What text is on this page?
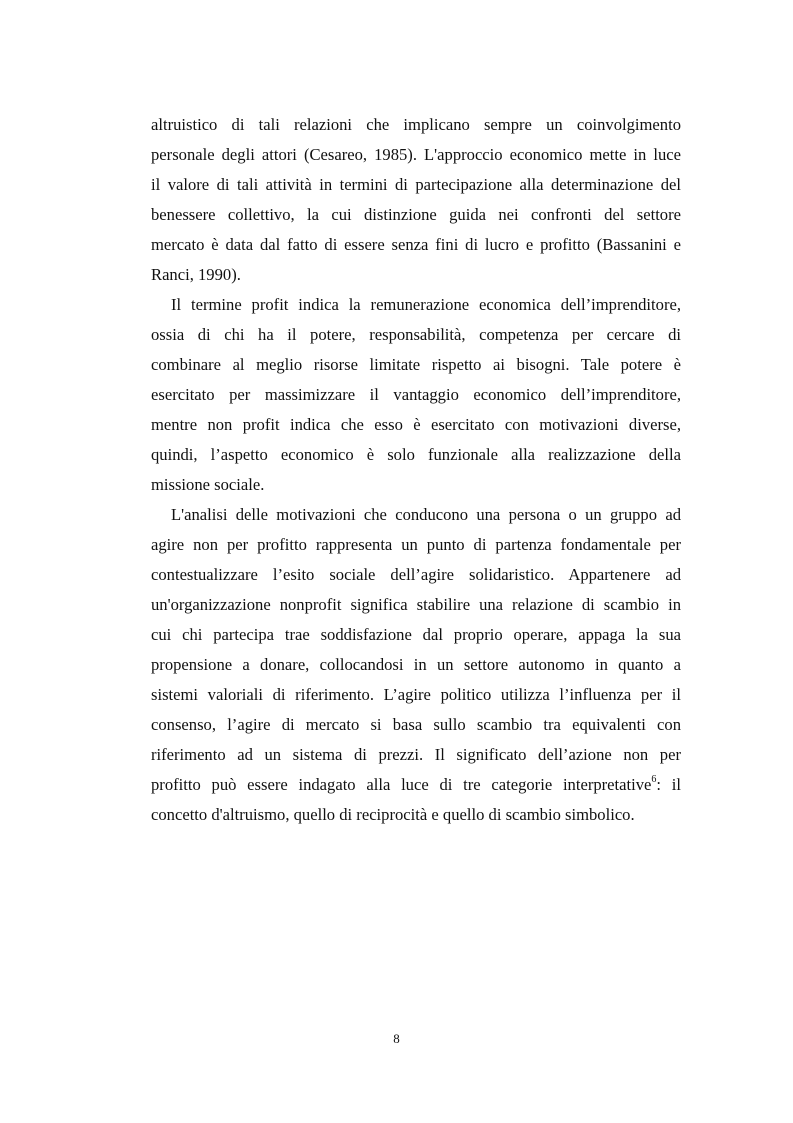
altruistico di tali relazioni che implicano sempre un coinvolgimento
personale degli attori (Cesareo, 1985). L'approccio economico mette in luce
il valore di tali attività in termini di partecipazione alla determinazione del
benessere collettivo, la cui distinzione guida nei confronti del settore
mercato è data dal fatto di essere senza fini di lucro e profitto (Bassanini e
Ranci, 1990).
Il termine profit indica la remunerazione economica dell’imprenditore,
ossia di chi ha il potere, responsabilità, competenza per cercare di
combinare al meglio risorse limitate rispetto ai bisogni. Tale potere è
esercitato per massimizzare il vantaggio economico dell’imprenditore,
mentre non profit indica che esso è esercitato con motivazioni diverse,
quindi, l’aspetto economico è solo funzionale alla realizzazione della
missione sociale.
L'analisi delle motivazioni che conducono una persona o un gruppo ad
agire non per profitto rappresenta un punto di partenza fondamentale per
contestualizzare l’esito sociale dell’agire solidaristico. Appartenere ad
un'organizzazione nonprofit significa stabilire una relazione di scambio in
cui chi partecipa trae soddisfazione dal proprio operare, appaga la sua
propensione a donare, collocandosi in un settore autonomo in quanto a
sistemi valoriali di riferimento. L’agire politico utilizza l’influenza per il
consenso, l’agire di mercato si basa sullo scambio tra equivalenti con
riferimento ad un sistema di prezzi. Il significato dell’azione non per
profitto può essere indagato alla luce di tre categorie interpretative$^6$: il
concetto d'altruismo, quello di reciprocità e quello di scambio simbolico.
8
